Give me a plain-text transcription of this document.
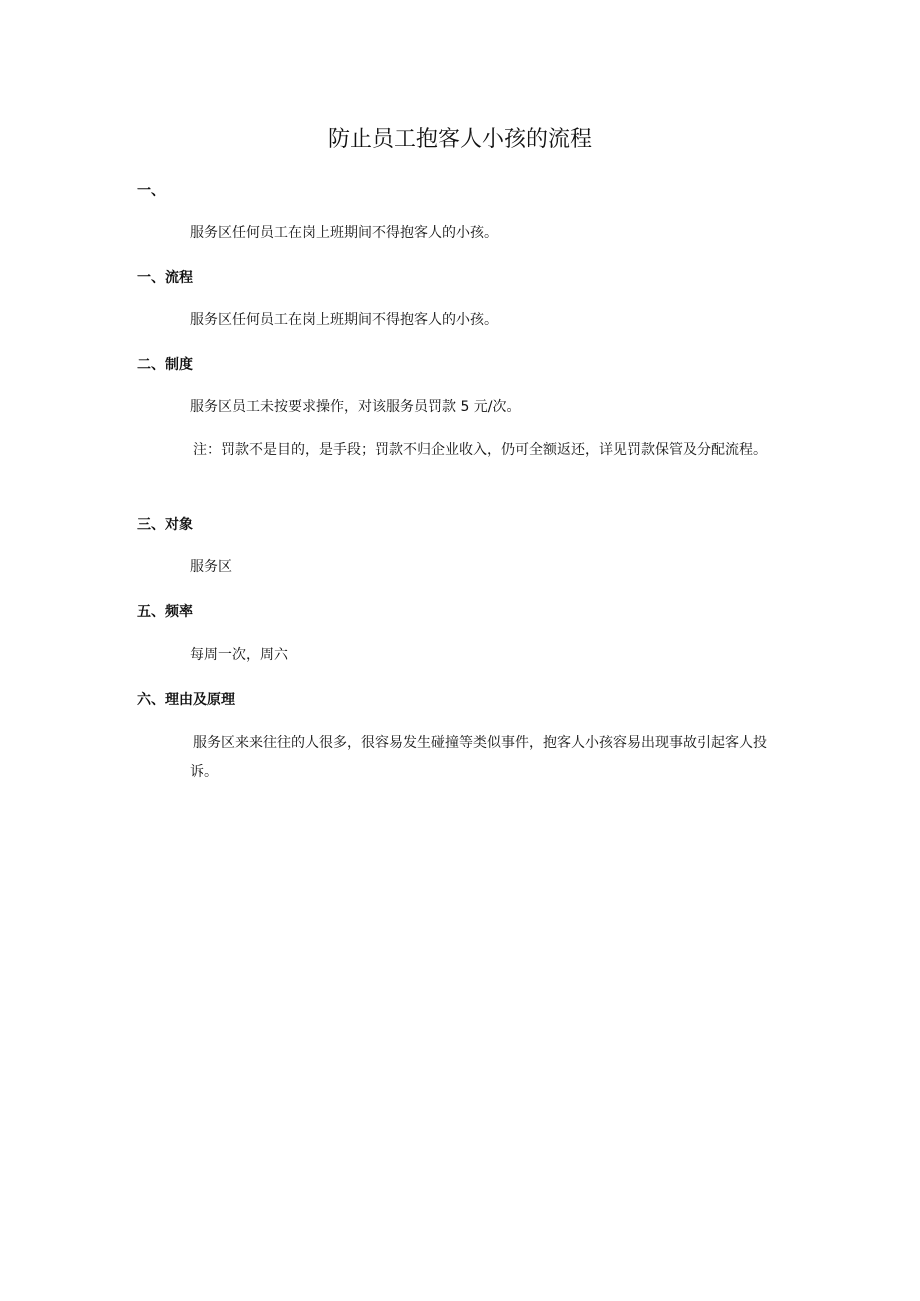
防止员工抱客人小孩的流程
一、

服务区任何员工在岗上班期间不得抱客人的小孩。

一、流程

服务区任何员工在岗上班期间不得抱客人的小孩。

二、制度

服务区员工未按要求操作，对该服务员罚款 5 元/次。

注：罚款不是目的，是手段；罚款不归企业收入，仍可全额返还，详见罚款保管及分配流程。

三、对象

服务区

五、频率

每周一次，周六

六、理由及原理

服务区来来往往的人很多，很容易发生碰撞等类似事件，抱客人小孩容易出现事故引起客人投诉。
